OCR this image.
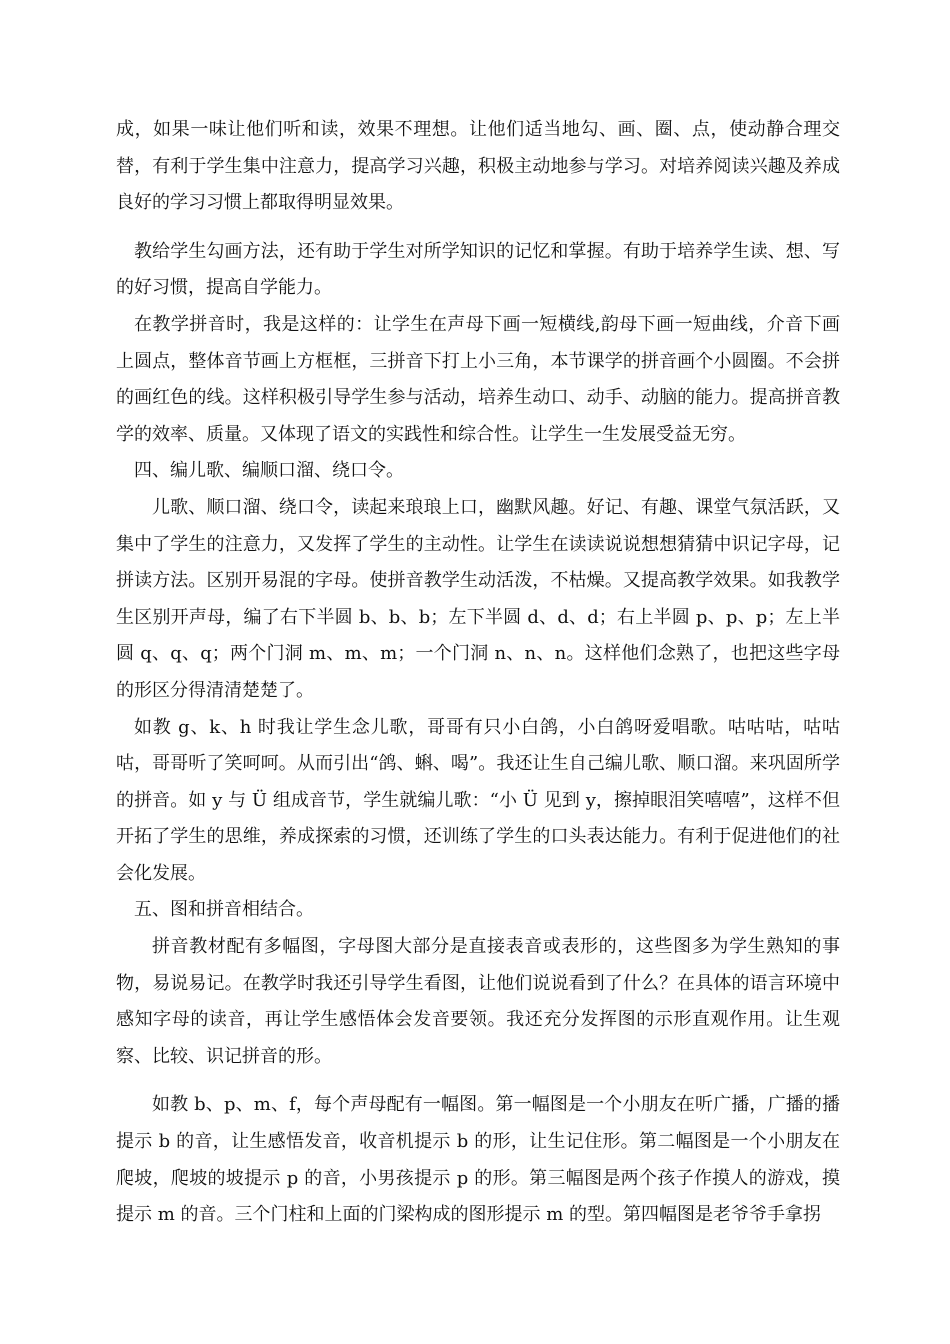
成，如果一味让他们听和读，效果不理想。让他们适当地勾、画、圈、点，使动静合理交替，有利于学生集中注意力，提高学习兴趣，积极主动地参与学习。对培养阅读兴趣及养成良好的学习习惯上都取得明显效果。

教给学生勾画方法，还有助于学生对所学知识的记忆和掌握。有助于培养学生读、想、写的好习惯，提高自学能力。

在教学拼音时，我是这样的：让学生在声母下画一短横线,韵母下画一短曲线，介音下画上圆点，整体音节画上方框框，三拼音下打上小三角，本节课学的拼音画个小圆圈。不会拼的画红色的线。这样积极引导学生参与活动，培养生动口、动手、动脑的能力。提高拼音教学的效率、质量。又体现了语文的实践性和综合性。让学生一生发展受益无穷。

四、编儿歌、编顺口溜、绕口令。

儿歌、顺口溜、绕口令，读起来琅琅上口，幽默风趣。好记、有趣、课堂气氛活跃，又集中了学生的注意力，又发挥了学生的主动性。让学生在读读说说想想猜猜中识记字母，记拼读方法。区别开易混的字母。使拼音教学生动活泼，不枯燥。又提高教学效果。如我教学生区别开声母，编了右下半圆 b、b、b；左下半圆 d、d、d；右上半圆 p、p、p；左上半圆 q、q、q；两个门洞 m、m、m；一个门洞 n、n、n。这样他们念熟了，也把这些字母的形区分得清清楚楚了。

如教 g、k、h 时我让学生念儿歌，哥哥有只小白鸽，小白鸽呀爱唱歌。咕咕咕，咕咕咕，哥哥听了笑呵呵。从而引出“鸽、蝌、喝”。我还让生自己编儿歌、顺口溜。来巩固所学的拼音。如 y 与 Ü 组成音节，学生就编儿歌：“小 Ü 见到 y，擦掉眼泪笑嘻嘻”，这样不但开拓了学生的思维，养成探索的习惯，还训练了学生的口头表达能力。有利于促进他们的社会化发展。

五、图和拼音相结合。

拼音教材配有多幅图，字母图大部分是直接表音或表形的，这些图多为学生熟知的事物，易说易记。在教学时我还引导学生看图，让他们说说看到了什么？在具体的语言环境中感知字母的读音，再让学生感悟体会发音要领。我还充分发挥图的示形直观作用。让生观察、比较、识记拼音的形。

如教 b、p、m、f，每个声母配有一幅图。第一幅图是一个小朋友在听广播，广播的播提示 b 的音，让生感悟发音，收音机提示 b 的形，让生记住形。第二幅图是一个小朋友在爬坡，爬坡的坡提示 p 的音，小男孩提示 p 的形。第三幅图是两个孩子作摸人的游戏，摸提示 m 的音。三个门柱和上面的门梁构成的图形提示 m 的型。第四幅图是老爷爷手拿拐
